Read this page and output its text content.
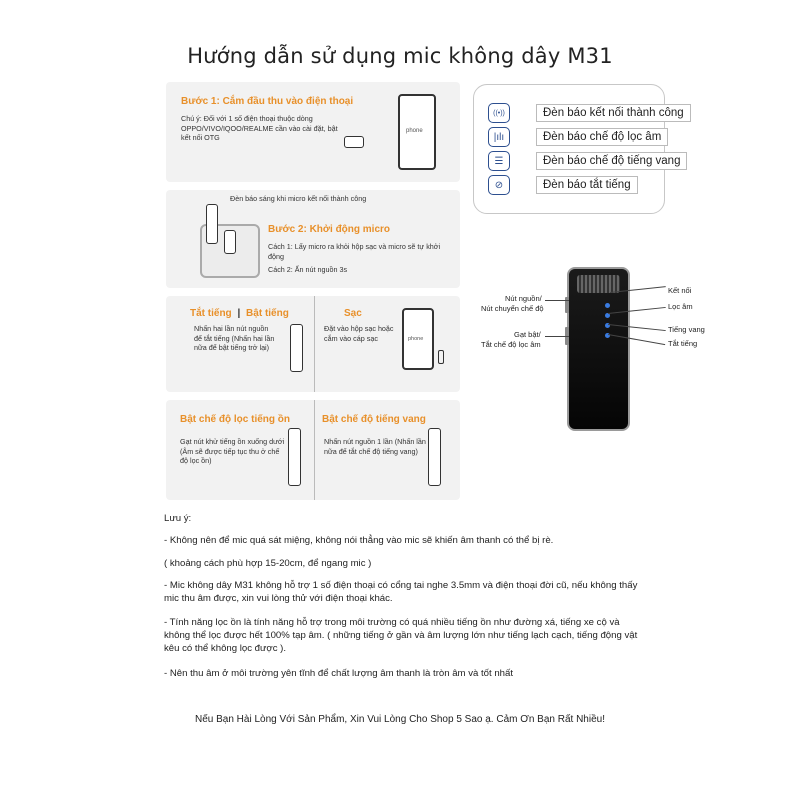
Hướng dẫn sử dụng mic không dây M31
Bước 1: Cắm đầu thu vào điện thoại
Chú ý: Đối với 1 số điện thoại thuộc dòng OPPO/VIVO/IQOO/REALME cần vào cài đặt, bật kết nối OTG
phone
Đèn báo sáng khi micro kết nối thành công
Bước 2: Khởi động micro
Cách 1: Lấy micro ra khỏi hộp sạc và micro sẽ tự khởi động
Cách 2: Ấn nút nguồn 3s
Tắt tiếng | Bật tiếng
Nhấn hai lần nút nguồn để tắt tiếng (Nhấn hai lần nữa để bật tiếng trở lại)
Sạc
Đặt vào hộp sạc hoặc cắm vào cáp sạc	phone
Bật chế độ lọc tiếng ồn
Gạt nút khử tiếng ồn xuống dưới (Âm sẽ được tiếp tục thu ở chế độ lọc ồn)
Bật chế độ tiếng vang
Nhấn nút nguồn 1 lần (Nhấn lần nữa để tắt chế độ tiếng vang)
((•))	Đèn báo kết nối thành công
|ılı	Đèn báo chế độ lọc âm
☰	Đèn báo chế độ tiếng vang
⊘	Đèn báo tắt tiếng
Nút nguồn/
Nút chuyển chế độ
Gạt bật/
Tắt chế độ lọc âm
Kết nối
Lọc âm
Tiếng vang
Tắt tiếng
Lưu ý:
- Không nên để mic quá sát miệng, không nói thẳng vào mic sẽ khiến âm thanh có thể bị rè.
( khoảng cách phù hợp 15-20cm, để ngang mic )
- Mic không dây M31 không hỗ trợ 1 số điện thoại có cổng tai nghe 3.5mm và điện thoại đời cũ, nếu không thấy mic thu âm được, xin vui lòng thử với điện thoại khác.
- Tính năng lọc ồn là tính năng hỗ trợ trong môi trường có quá nhiều tiếng ồn như đường xá, tiếng xe cộ và không thể lọc được hết 100% tạp âm. ( những tiếng ở gần và âm lượng lớn như tiếng lạch cạch, tiếng động vật kêu có thể không lọc được ).
- Nên thu âm ở môi trường yên tĩnh để chất lượng âm thanh là tròn âm và tốt nhất
Nếu Bạn Hài Lòng Với Sản Phẩm, Xin Vui Lòng Cho Shop 5 Sao ạ. Cảm Ơn Bạn Rất Nhiều!
